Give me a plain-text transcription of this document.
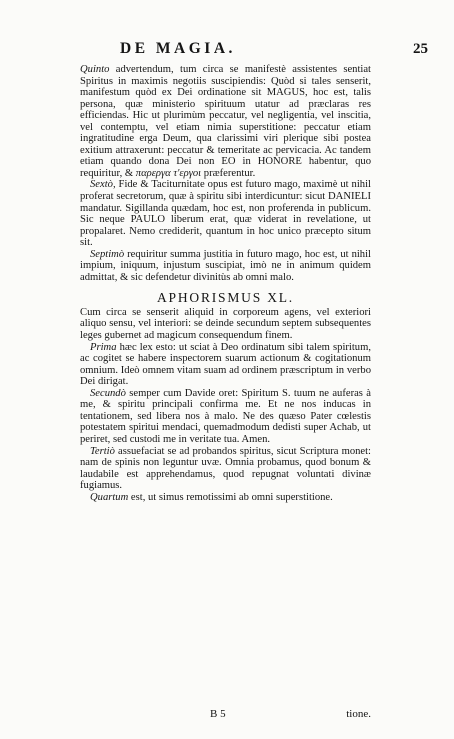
DE MAGIA.	25

Quinto advertendum, tum circa se manifestè assistentes sentiat Spiritus in maximis negotiis suscipiendis: Quòd si tales senserit, manifestum quòd ex Dei ordinatione sit MAGUS, hoc est, talis persona, quæ ministerio spirituum utatur ad præclaras res efficiendas. Hic ut plurimùm peccatur, vel negligentia, vel inscitia, vel contemptu, vel etiam nimia superstitione: peccatur etiam ingratitudine erga Deum, qua clarissimi viri plerique sibi postea exitium attraxerunt: peccatur & temeritate ac pervicacia. Ac tandem etiam quando dona Dei non EO in HONORE habentur, quo requiritur, & παρεργα τ'εργοι præferentur.

Sextò, Fide & Taciturnitate opus est futuro mago, maximè ut nihil proferat secretorum, quæ à spiritu sibi interdicuntur: sicut DANIELI mandatur. Sigillanda quædam, hoc est, non proferenda in publicum. Sic neque PAULO liberum erat, quæ viderat in revelatione, ut propalaret. Nemo crediderit, quantum in hoc unico præcepto situm sit.

Septimò requiritur summa justitia in futuro mago, hoc est, ut nihil impium, iniquum, injustum suscipiat, imò ne in animum quidem admittat, & sic defendetur divinitùs ab omni malo.

APHORISMUS XL.

Cum circa se senserit aliquid in corporeum agens, vel exteriori aliquo sensu, vel interiori: se deinde secundum septem subsequentes leges gubernet ad magicum consequendum finem.

Prima hæc lex esto: ut sciat à Deo ordinatum sibi talem spiritum, ac cogitet se habere inspectorem suarum actionum & cogitationum omnium. Ideò omnem vitam suam ad ordinem præscriptum in verbo Dei dirigat.

Secundò semper cum Davide oret: Spiritum S. tuum ne auferas à me, & spiritu principali confirma me. Et ne nos inducas in tentationem, sed libera nos à malo. Ne des quæso Pater cœlestis potestatem spiritui mendaci, quemadmodum dedisti super Achab, ut periret, sed custodi me in veritate tua. Amen.

Tertiò assuefaciat se ad probandos spiritus, sicut Scriptura monet: nam de spinis non leguntur uvæ. Omnia probamus, quod bonum & laudabile est apprehendamus, quod repugnat voluntati divinæ fugiamus.

Quartum est, ut simus remotissimi ab omni superstitione.

B 5	tione.
